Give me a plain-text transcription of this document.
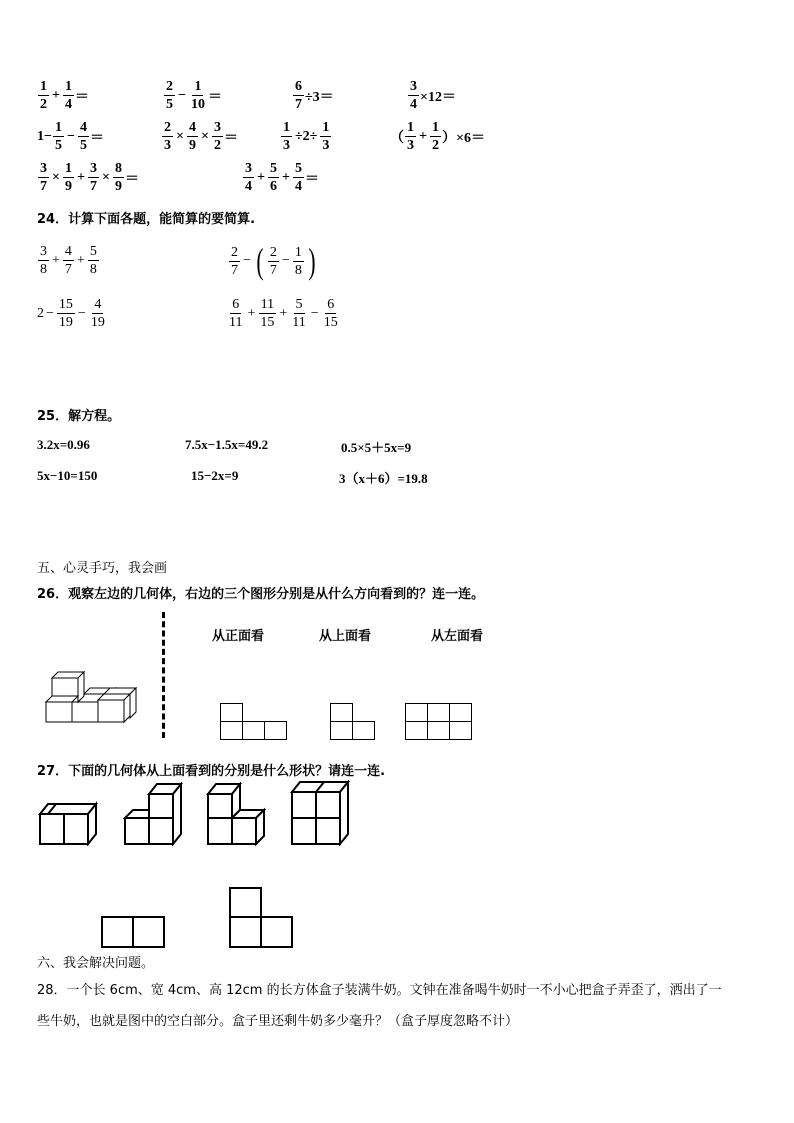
$\frac{1}{2} + \frac{1}{4}$ ＝	$\frac{2}{5} - \frac{1}{10}$ ＝	$\frac{6}{7} \div 3=$	$\frac{3}{4} \times 12=$
$1- \frac{1}{5} - \frac{4}{5}$ ＝	$\frac{2}{3} \times \frac{4}{9} \times \frac{3}{2}$ ＝	$\frac{1}{3} \div 2\div \frac{1}{3}$	（ $\frac{1}{3} + \frac{1}{2} )\times 6=$
$\frac{3}{7} \times \frac{1}{9} + \frac{3}{7} \times \frac{8}{9}$ ＝	$\frac{3}{4} + \frac{5}{6} + \frac{5}{4}$ ＝
24．计算下面各题，能简算的要简算.
$\frac{3}{8} + \frac{4}{7} + \frac{5}{8}$	$\frac{2}{7}$ − ( $\frac{2}{7} - \frac{1}{8}$ )
$2 - \frac{15}{19} - \frac{4}{19}$	$\frac{6}{11} + \frac{11}{15} + \frac{5}{11} - \frac{6}{15}$
25．解方程。
3.2x=0.96	7.5x−1.5x=49.2	0.5×5＋5x=9
5x−10=150	15−2x=9	3（x＋6）=19.8
五、心灵手巧，我会画
26．观察左边的几何体，右边的三个图形分别是从什么方向看到的？连一连。
从正面看	从上面看	从左面看
27．下面的几何体从上面看到的分别是什么形状？请连一连.
六、我会解决问题。
28．一个长 6cm、宽 4cm、高 12cm 的长方体盒子装满牛奶。文钟在准备喝牛奶时一不小心把盒子弄歪了，洒出了一
些牛奶，也就是图中的空白部分。盒子里还剩牛奶多少毫升？（盒子厚度忽略不计）
